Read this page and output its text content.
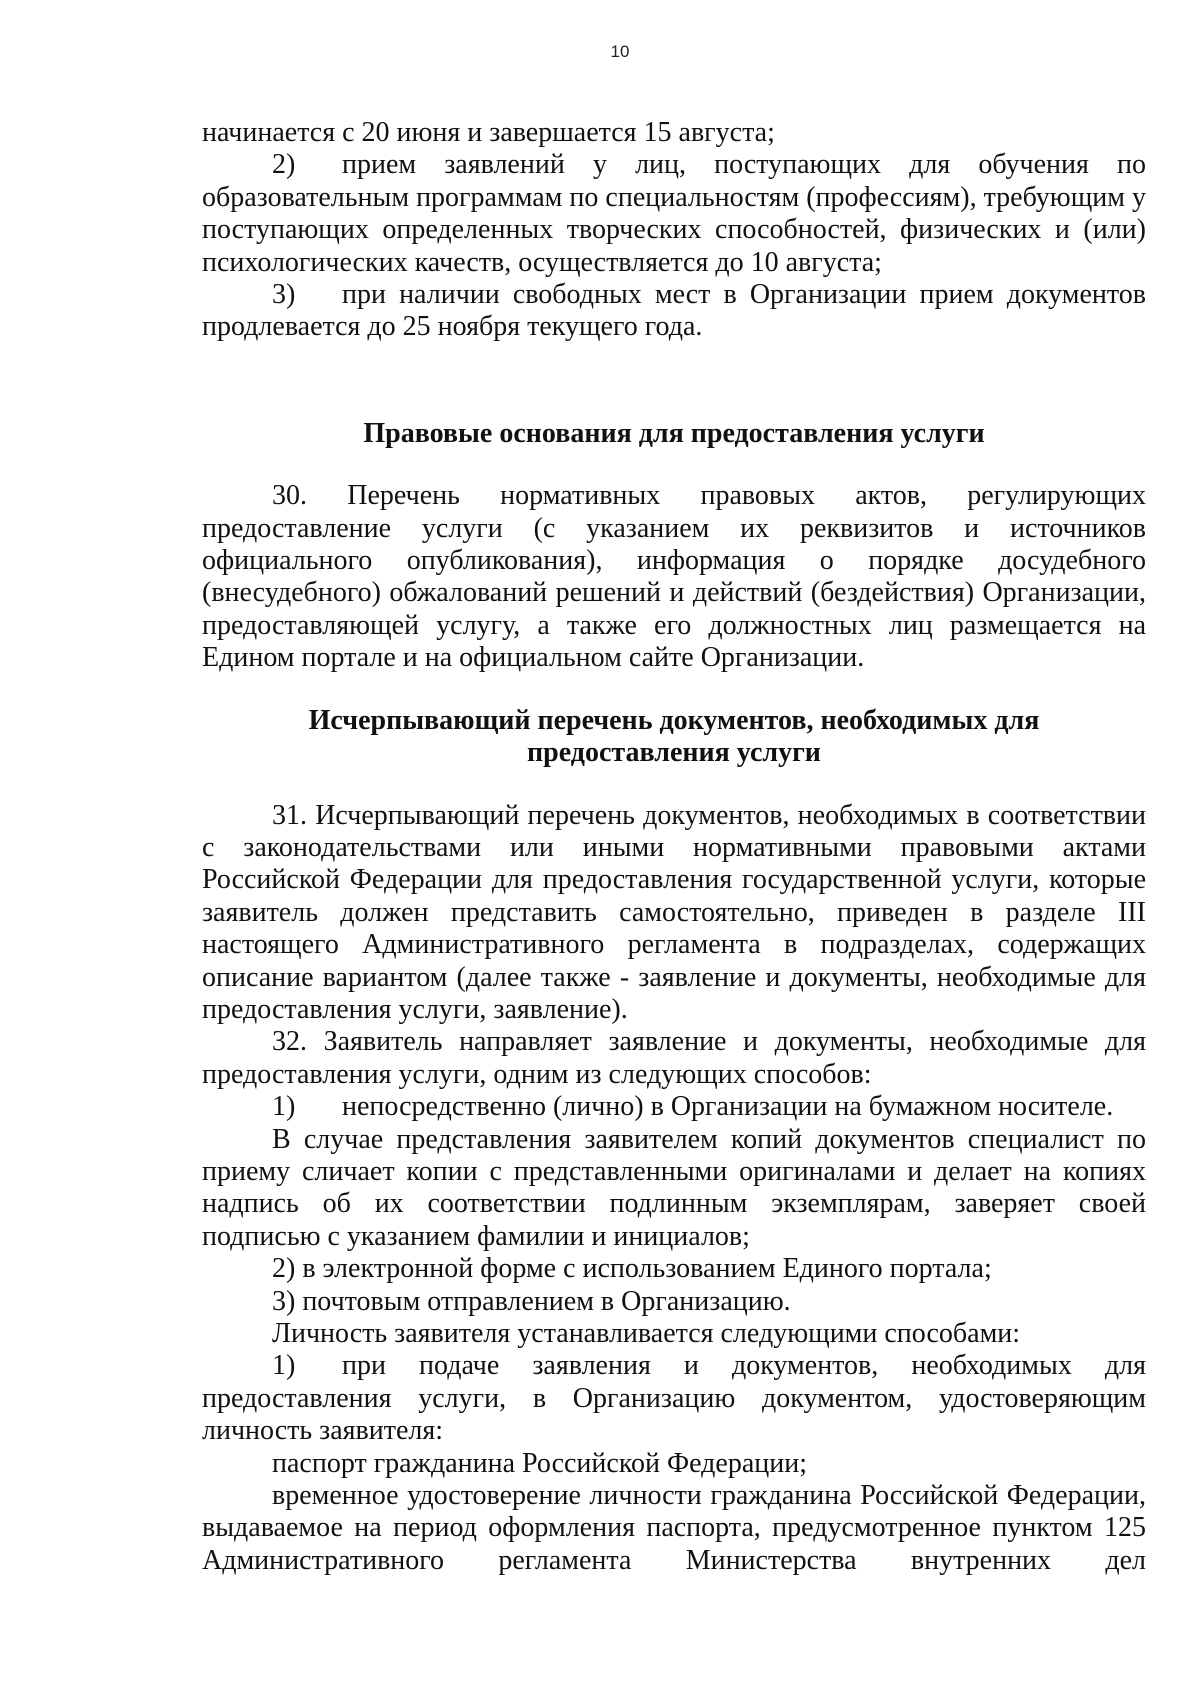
10

начинается с 20 июня и завершается 15 августа;

2) прием заявлений у лиц, поступающих для обучения по образовательным программам по специальностям (профессиям), требующим у поступающих определенных творческих способностей, физических и (или) психологических качеств, осуществляется до 10 августа;

3) при наличии свободных мест в Организации прием документов продлевается до 25 ноября текущего года.

Правовые основания для предоставления услуги

30. Перечень нормативных правовых актов, регулирующих предоставление услуги (с указанием их реквизитов и источников официального опубликования), информация о порядке досудебного (внесудебного) обжалований решений и действий (бездействия) Организации, предоставляющей услугу, а также его должностных лиц размещается на Едином портале и на официальном сайте Организации.

Исчерпывающий перечень документов, необходимых для
предоставления услуги

31. Исчерпывающий перечень документов, необходимых в соответствии с законодательствами или иными нормативными правовыми актами Российской Федерации для предоставления государственной услуги, которые заявитель должен представить самостоятельно, приведен в разделе III настоящего Административного регламента в подразделах, содержащих описание вариантом (далее также - заявление и документы, необходимые для предоставления услуги, заявление).

32. Заявитель направляет заявление и документы, необходимые для предоставления услуги, одним из следующих способов:

1) непосредственно (лично) в Организации на бумажном носителе.

В случае представления заявителем копий документов специалист по приему сличает копии с представленными оригиналами и делает на копиях надпись об их соответствии подлинным экземплярам, заверяет своей подписью с указанием фамилии и инициалов;

2) в электронной форме с использованием Единого портала;

3) почтовым отправлением в Организацию.

Личность заявителя устанавливается следующими способами:

1) при подаче заявления и документов, необходимых для предоставления услуги, в Организацию документом, удостоверяющим личность заявителя:

паспорт гражданина Российской Федерации;

временное удостоверение личности гражданина Российской Федерации, выдаваемое на период оформления паспорта, предусмотренное пунктом 125 Административного регламента Министерства внутренних дел
